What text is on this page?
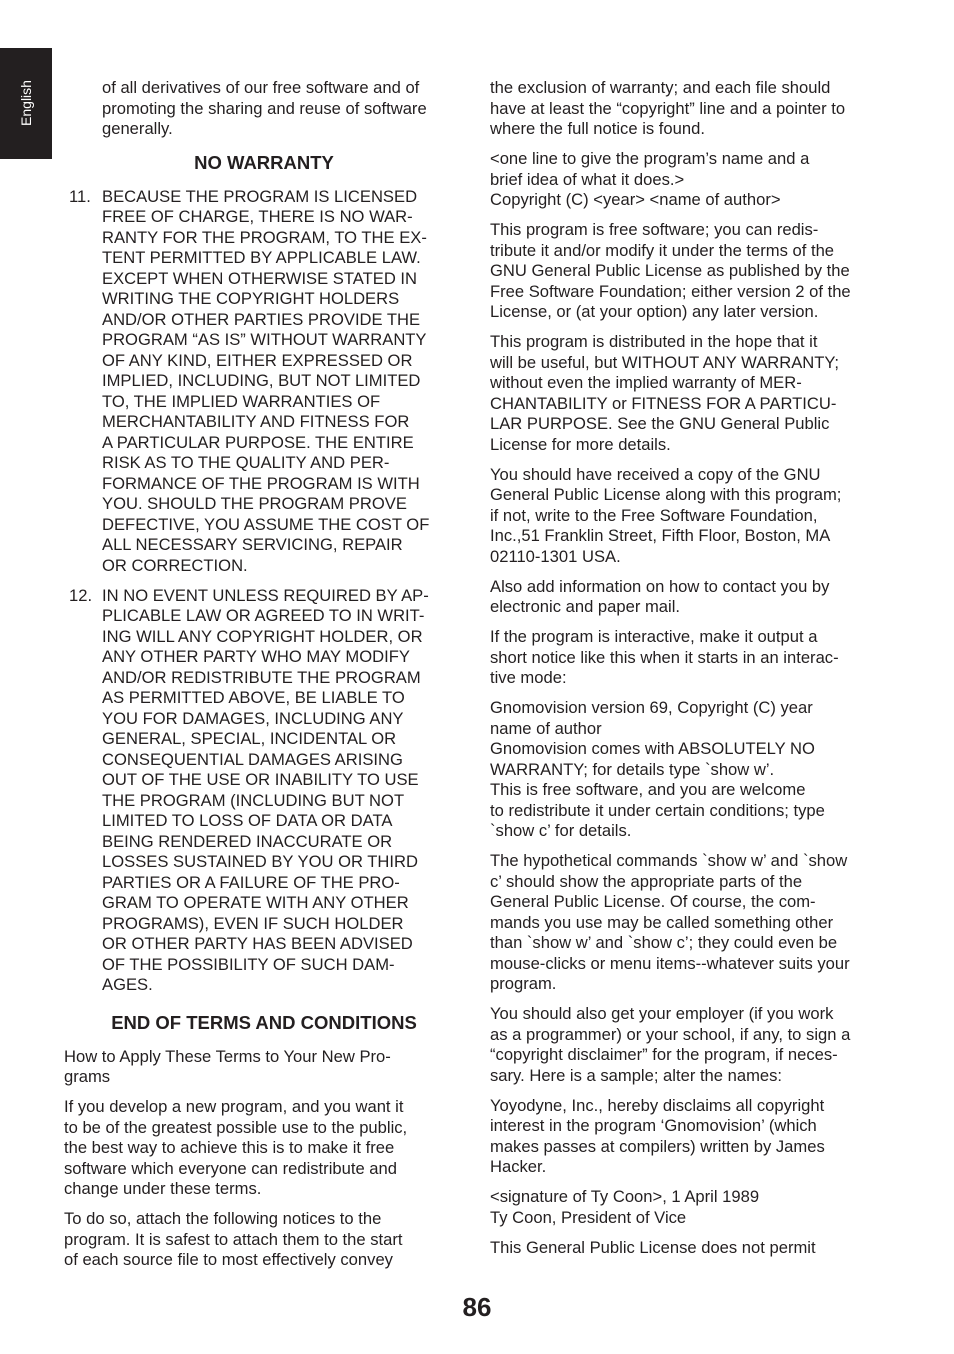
English	of all derivatives of our free software and of
promoting the sharing and reuse of software
generally.

NO WARRANTY
11. BECAUSE THE PROGRAM IS LICENSED
FREE OF CHARGE, THERE IS NO WAR-
RANTY FOR THE PROGRAM, TO THE EX-
TENT PERMITTED BY APPLICABLE LAW.
EXCEPT WHEN OTHERWISE STATED IN
WRITING THE COPYRIGHT HOLDERS
AND/OR OTHER PARTIES PROVIDE THE
PROGRAM “AS IS” WITHOUT WARRANTY
OF ANY KIND, EITHER EXPRESSED OR
IMPLIED, INCLUDING, BUT NOT LIMITED
TO, THE IMPLIED WARRANTIES OF
MERCHANTABILITY AND FITNESS FOR
A PARTICULAR PURPOSE. THE ENTIRE
RISK AS TO THE QUALITY AND PER-
FORMANCE OF THE PROGRAM IS WITH
YOU. SHOULD THE PROGRAM PROVE
DEFECTIVE, YOU ASSUME THE COST OF
ALL NECESSARY SERVICING, REPAIR
OR CORRECTION.
12. IN NO EVENT UNLESS REQUIRED BY AP-
PLICABLE LAW OR AGREED TO IN WRIT-
ING WILL ANY COPYRIGHT HOLDER, OR
ANY OTHER PARTY WHO MAY MODIFY
AND/OR REDISTRIBUTE THE PROGRAM
AS PERMITTED ABOVE, BE LIABLE TO
YOU FOR DAMAGES, INCLUDING ANY
GENERAL, SPECIAL, INCIDENTAL OR
CONSEQUENTIAL DAMAGES ARISING
OUT OF THE USE OR INABILITY TO USE
THE PROGRAM (INCLUDING BUT NOT
LIMITED TO LOSS OF DATA OR DATA
BEING RENDERED INACCURATE OR
LOSSES SUSTAINED BY YOU OR THIRD
PARTIES OR A FAILURE OF THE PRO-
GRAM TO OPERATE WITH ANY OTHER
PROGRAMS), EVEN IF SUCH HOLDER
OR OTHER PARTY HAS BEEN ADVISED
OF THE POSSIBILITY OF SUCH DAM-
AGES.
END OF TERMS AND CONDITIONS

How to Apply These Terms to Your New Pro-
grams

If you develop a new program, and you want it
to be of the greatest possible use to the public,
the best way to achieve this is to make it free
software which everyone can redistribute and
change under these terms.

To do so, attach the following notices to the
program. It is safest to attach them to the start
of each source file to most effectively convey

the exclusion of warranty; and each file should
have at least the “copyright” line and a pointer to
where the full notice is found.

<one line to give the program’s name and a
brief idea of what it does.>
Copyright (C) <year> <name of author>

This program is free software; you can redis-
tribute it and/or modify it under the terms of the
GNU General Public License as published by the
Free Software Foundation; either version 2 of the
License, or (at your option) any later version.

This program is distributed in the hope that it
will be useful, but WITHOUT ANY WARRANTY;
without even the implied warranty of MER-
CHANTABILITY or FITNESS FOR A PARTICU-
LAR PURPOSE. See the GNU General Public
License for more details.

You should have received a copy of the GNU
General Public License along with this program;
if not, write to the Free Software Foundation,
Inc.,51 Franklin Street, Fifth Floor, Boston, MA
02110-1301 USA.

Also add information on how to contact you by
electronic and paper mail.

If the program is interactive, make it output a
short notice like this when it starts in an interac-
tive mode:

Gnomovision version 69, Copyright (C) year
name of author
Gnomovision comes with ABSOLUTELY NO
WARRANTY; for details type `show w’.
This is free software, and you are welcome
to redistribute it under certain conditions; type
`show c’ for details.

The hypothetical commands `show w’ and `show
c’ should show the appropriate parts of the
General Public License. Of course, the com-
mands you use may be called something other
than `show w’ and `show c’; they could even be
mouse-clicks or menu items--whatever suits your
program.

You should also get your employer (if you work
as a programmer) or your school, if any, to sign a
“copyright disclaimer” for the program, if neces-
sary. Here is a sample; alter the names:

Yoyodyne, Inc., hereby disclaims all copyright
interest in the program ‘Gnomovision’ (which
makes passes at compilers) written by James
Hacker.

<signature of Ty Coon>, 1 April 1989
Ty Coon, President of Vice

This General Public License does not permit

86
